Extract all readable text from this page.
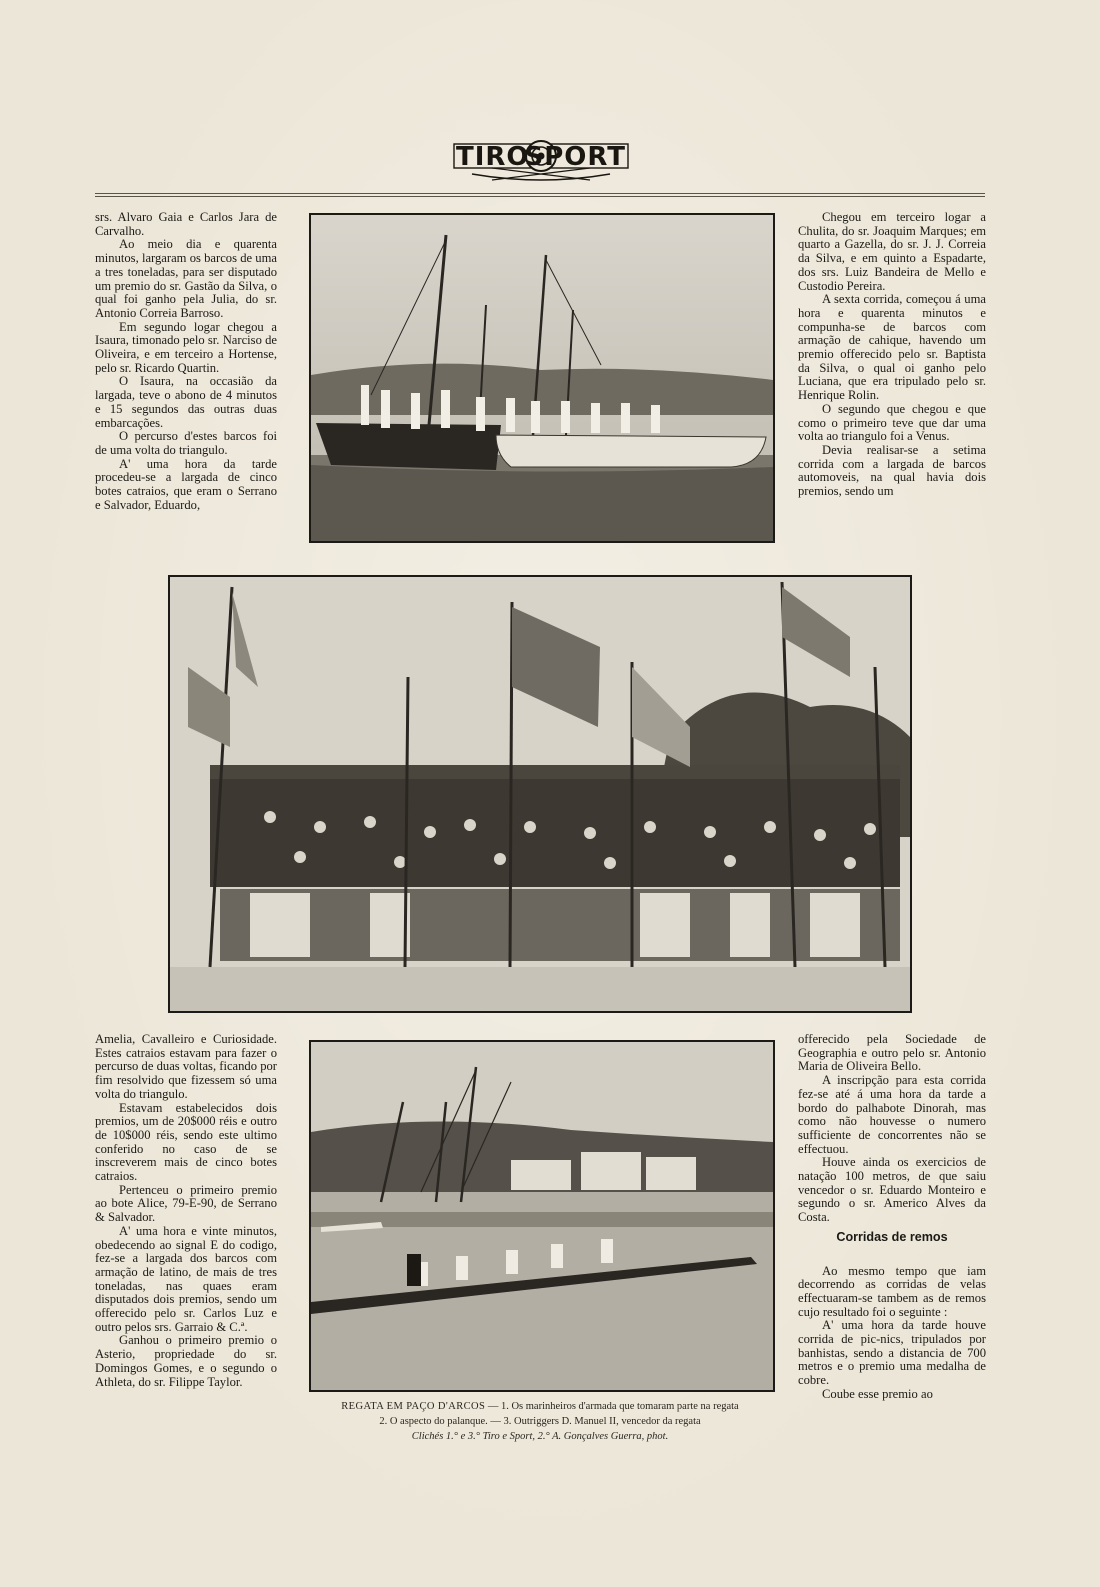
TIRO
SPORT

srs. Alvaro Gaia e Carlos Jara de Carvalho.

Ao meio dia e quarenta minutos, largaram os barcos de uma a tres toneladas, para ser disputado um premio do sr. Gastão da Silva, o qual foi ganho pela Julia, do sr. Antonio Correia Barroso.

Em segundo logar chegou a Isaura, timonado pelo sr. Narciso de Oliveira, e em terceiro a Hortense, pelo sr. Ricardo Quartin.

O Isaura, na occasião da largada, teve o abono de 4 minutos e 15 segundos das outras duas embarcações.

O percurso d'estes barcos foi de uma volta do triangulo.

A' uma hora da tarde procedeu-se a largada de cinco botes catraios, que eram o Serrano e Salvador, Eduardo,

Chegou em terceiro logar a Chulita, do sr. Joaquim Marques; em quarto a Gazella, do sr. J. J. Correia da Silva, e em quinto a Espadarte, dos srs. Luiz Bandeira de Mello e Custodio Pereira.

A sexta corrida, começou á uma hora e quarenta minutos e compunha-se de barcos com armação de cahique, havendo um premio offerecido pelo sr. Baptista da Silva, o qual oi ganho pelo Luciana, que era tripulado pelo sr. Henrique Rolin.

O segundo que chegou e que como o primeiro teve que dar uma volta ao triangulo foi a Venus.

Devia realisar-se a setima corrida com a largada de barcos automoveis, na qual havia dois premios, sendo um

Amelia, Cavalleiro e Curiosidade. Estes catraios estavam para fazer o percurso de duas voltas, ficando por fim resolvido que fizessem só uma volta do triangulo.

Estavam estabelecidos dois premios, um de 20$000 réis e outro de 10$000 réis, sendo este ultimo conferido no caso de se inscreverem mais de cinco botes catraios.

Pertenceu o primeiro premio ao bote Alice, 79-E-90, de Serrano & Salvador.

A' uma hora e vinte minutos, obedecendo ao signal E do codigo, fez-se a largada dos barcos com armação de latino, de mais de tres toneladas, nas quaes eram disputados dois premios, sendo um offerecido pelo sr. Carlos Luz e outro pelos srs. Garraio & C.ª.

Ganhou o primeiro premio o Asterio, propriedade do sr. Domingos Gomes, e o segundo o Athleta, do sr. Filippe Taylor.

offerecido pela Sociedade de Geographia e outro pelo sr. Antonio Maria de Oliveira Bello.

A inscripção para esta corrida fez-se até á uma hora da tarde a bordo do palhabote Dinorah, mas como não houvesse o numero sufficiente de concorrentes não se effectuou.

Houve ainda os exercicios de natação 100 metros, de que saiu vencedor o sr. Eduardo Monteiro e segundo o sr. Americo Alves da Costa.

Corridas de remos

Ao mesmo tempo que iam decorrendo as corridas de velas effectuaram-se tambem as de remos cujo resultado foi o seguinte :

A' uma hora da tarde houve corrida de pic-nics, tripulados por banhistas, sendo a distancia de 700 metros e o premio uma medalha de cobre.

Coube esse premio ao

REGATA EM PAÇO D'ARCOS — 1. Os marinheiros d'armada que tomaram parte na regata
2. O aspecto do palanque. — 3. Outriggers D. Manuel II, vencedor da regata
Clichés 1.° e 3.° Tiro e Sport, 2.° A. Gonçalves Guerra, phot.
